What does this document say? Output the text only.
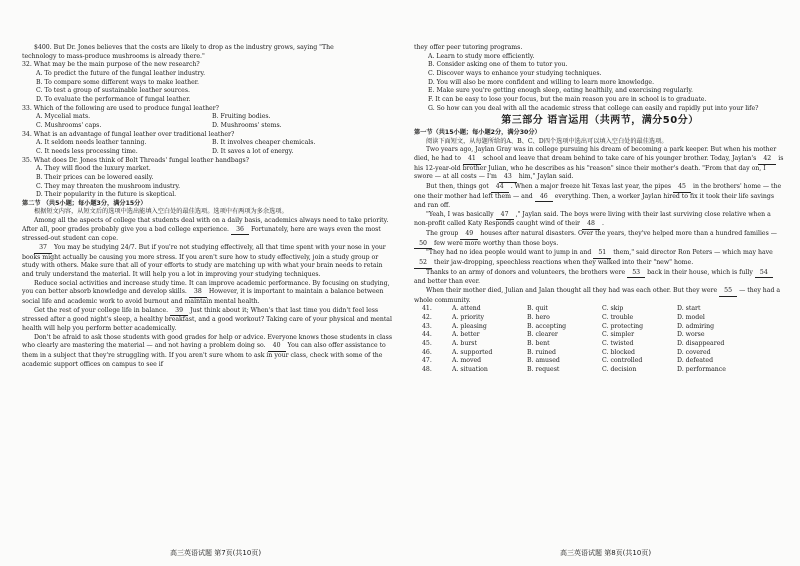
$400. But Dr. Jones believes that the costs are likely to drop as the industry grows, saying "The

technology to mass-produce mushrooms is already there."

32. What may be the main purpose of the new research?

A. To predict the future of the fungal leather industry.

B. To compare some different ways to make leather.

C. To test a group of sustainable leather sources.

D. To evaluate the performance of fungal leather.

33. Which of the following are used to produce fungal leather?

A. Mycelial mats.	B. Fruiting bodies.
C. Mushrooms' caps.	D. Mushrooms' stems.

34. What is an advantage of fungal leather over traditional leather?

A. It seldom needs leather tanning.	B. It involves cheaper chemicals.
C. It needs less processing time.	D. It saves a lot of energy.

35. What does Dr. Jones think of Bolt Threads' fungal leather handbags?

A. They will flood the luxury market.

B. Their prices can be lowered easily.

C. They may threaten the mushroom industry.

D. Their popularity in the future is skeptical.

第二节 （共5小题；每小题3分，满分15分）

根据短文内容，从短文后的选项中选出能填入空白处的最佳选项。选项中有两项为多余选项。

Among all the aspects of college that students deal with on a daily basis, academics always need to take priority. After all, poor grades probably give you a bad college experience. 36 Fortunately, here are ways even the most stressed-out student can cope.

37 You may be studying 24/7. But if you're not studying effectively, all that time spent with your nose in your books might actually be causing you more stress. If you aren't sure how to study effectively, join a study group or study with others. Make sure that all of your efforts to study are matching up with what your brain needs to retain and truly understand the material. It will help you a lot in improving your studying techniques.

Reduce social activities and increase study time. It can improve academic performance. By focusing on studying, you can better absorb knowledge and develop skills. 38 However, it is important to maintain a balance between social life and academic work to avoid burnout and maintain mental health.

Get the rest of your college life in balance. 39 Just think about it; When's that last time you didn't feel less stressed after a good night's sleep, a healthy breakfast, and a good workout? Taking care of your physical and mental health will help you perform better academically.

Don't be afraid to ask those students with good grades for help or advice. Everyone knows those students in class who clearly are mastering the material — and not having a problem doing so. 40 You can also offer assistance to them in a subject that they're struggling with. If you aren't sure whom to ask in your class, check with some of the academic support offices on campus to see if

they offer peer tutoring programs.

A. Learn to study more efficiently.

B. Consider asking one of them to tutor you.

C. Discover ways to enhance your studying techniques.

D. You will also be more confident and willing to learn more knowledge.

E. Make sure you're getting enough sleep, eating healthily, and exercising regularly.

F. It can be easy to lose your focus, but the main reason you are in school is to graduate.

G. So how can you deal with all the academic stress that college can easily and rapidly put into your life?

第三部分 语言运用（共两节，满分50分）

第一节（共15小题；每小题2分，满分30分）

阅读下面短文，从每题所给的A、B、C、D四个选项中选出可以填入空白处的最佳选项。

Two years ago, Jaylan Gray was in college pursuing his dream of becoming a park keeper. But when his mother died, he had to 41 school and leave that dream behind to take care of his younger brother. Today, Jaylan's 42 is his 12-year-old brother Julian, who he describes as his "reason" since their mother's death. "From that day on, I swore — at all costs — I'm 43 him," Jaylan said.

But then, things got 44 . When a major freeze hit Texas last year, the pipes 45 in the brothers' home — the one their mother had left them — and 46 everything. Then, a worker Jaylan hired to fix it took their life savings and ran off.

"Yeah, I was basically 47 ," Jaylan said. The boys were living with their last surviving close relative when a non-profit called Katy Responds caught wind of their 48 .

The group 49 houses after natural disasters. Over the years, they've helped more than a hundred families — 50 few were more worthy than those boys.

"They had no idea people would want to jump in and 51 them," said director Ron Peters — which may have 52 their jaw-dropping, speechless reactions when they walked into their "new" home.

Thanks to an army of donors and volunteers, the brothers were 53 back in their house, which is fully 54 and better than ever.

When their mother died, Julian and Jalan thought all they had was each other. But they were 55 — they had a whole community.

41.	A. attend	B. quit	C. skip	D. start
42.	A. priority	B. hero	C. trouble	D. model
43.	A. pleasing	B. accepting	C. protecting	D. admiring
44.	A. better	B. clearer	C. simpler	D. worse
45.	A. burst	B. bent	C. twisted	D. disappeared
46.	A. supported	B. ruined	C. blocked	D. covered
47.	A. moved	B. amused	C. controlled	D. defeated
48.	A. situation	B. request	C. decision	D. performance
高三英语试题 第7页(共10页)	高三英语试题 第8页(共10页)
